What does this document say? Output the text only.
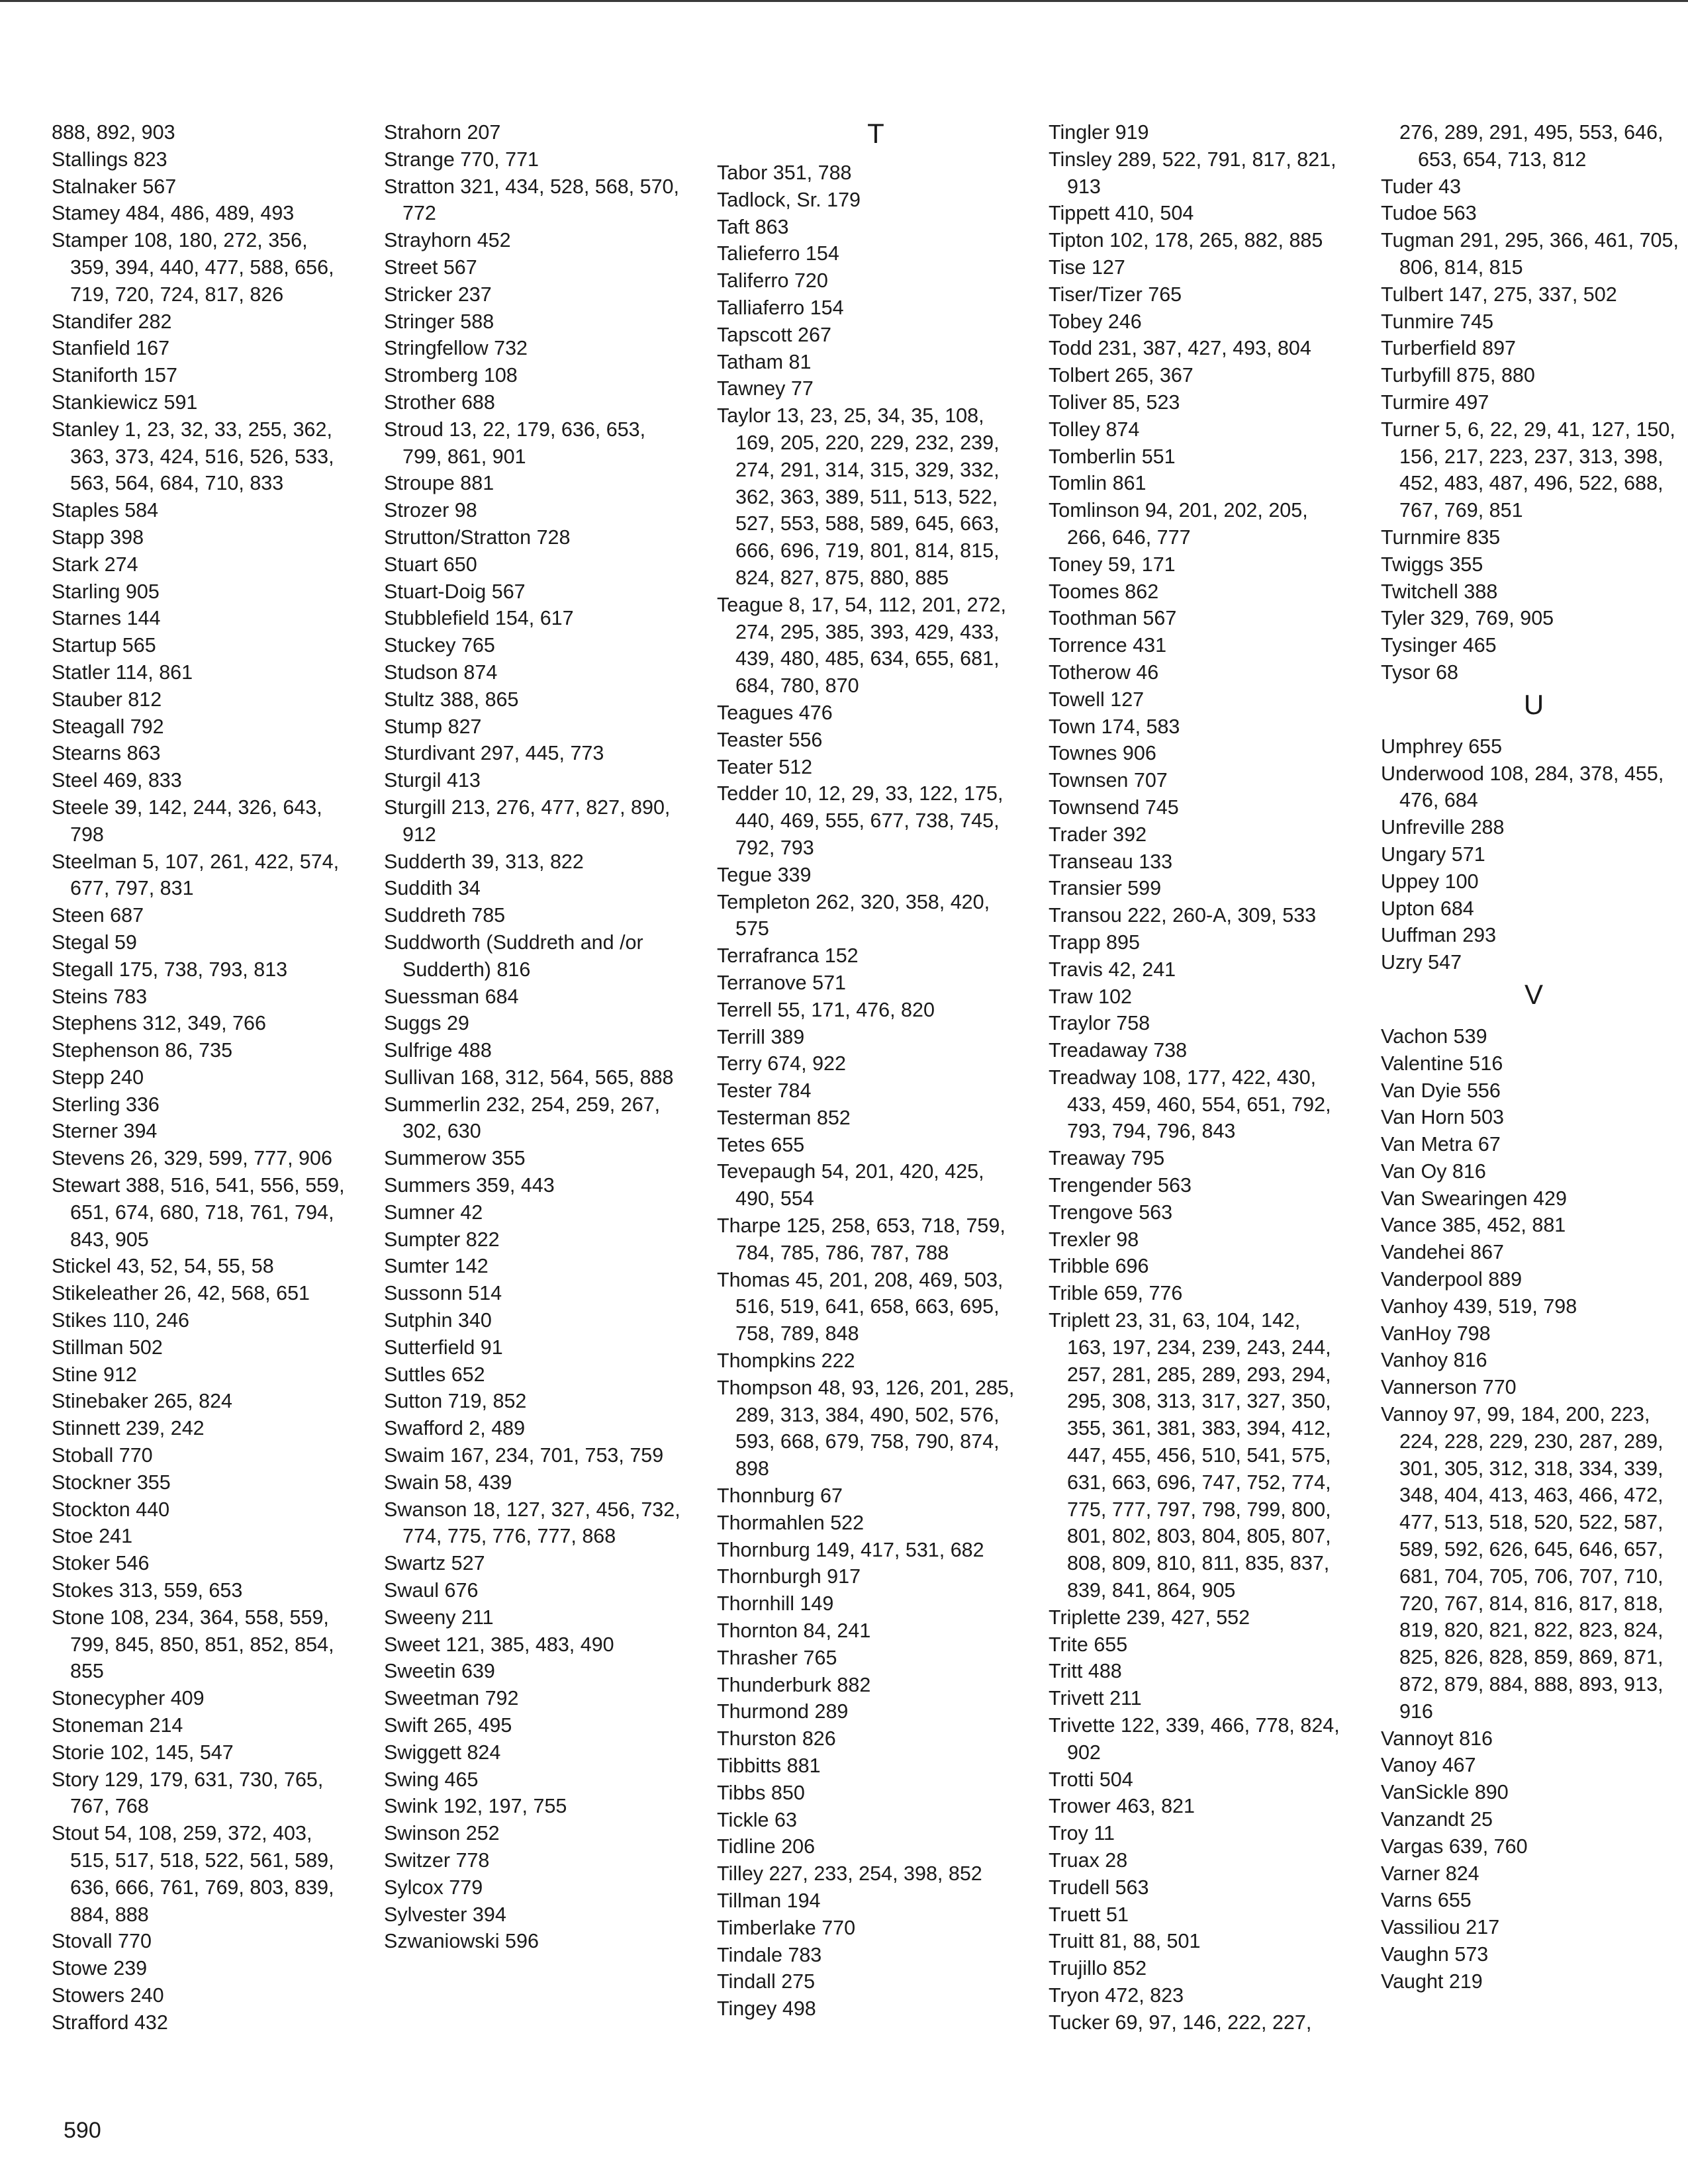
888, 892, 903
Stallings 823
Stalnaker 567
Stamey 484, 486, 489, 493
Stamper 108, 180, 272, 356,
359, 394, 440, 477, 588, 656,
719, 720, 724, 817, 826
Standifer 282
Stanfield 167
Staniforth 157
Stankiewicz 591
Stanley 1, 23, 32, 33, 255, 362,
363, 373, 424, 516, 526, 533,
563, 564, 684, 710, 833
Staples 584
Stapp 398
Stark 274
Starling 905
Starnes 144
Startup 565
Statler 114, 861
Stauber 812
Steagall 792
Stearns 863
Steel 469, 833
Steele 39, 142, 244, 326, 643,
798
Steelman 5, 107, 261, 422, 574,
677, 797, 831
Steen 687
Stegal 59
Stegall 175, 738, 793, 813
Steins 783
Stephens 312, 349, 766
Stephenson 86, 735
Stepp 240
Sterling 336
Sterner 394
Stevens 26, 329, 599, 777, 906
Stewart 388, 516, 541, 556, 559,
651, 674, 680, 718, 761, 794,
843, 905
Stickel 43, 52, 54, 55, 58
Stikeleather 26, 42, 568, 651
Stikes 110, 246
Stillman 502
Stine 912
Stinebaker 265, 824
Stinnett 239, 242
Stoball 770
Stockner 355
Stockton 440
Stoe 241
Stoker 546
Stokes 313, 559, 653
Stone 108, 234, 364, 558, 559,
799, 845, 850, 851, 852, 854,
855
Stonecypher 409
Stoneman 214
Storie 102, 145, 547
Story 129, 179, 631, 730, 765,
767, 768
Stout 54, 108, 259, 372, 403,
515, 517, 518, 522, 561, 589,
636, 666, 761, 769, 803, 839,
884, 888
Stovall 770
Stowe 239
Stowers 240
Strafford 432
Strahorn 207
Strange 770, 771
Stratton 321, 434, 528, 568, 570,
772
Strayhorn 452
Street 567
Stricker 237
Stringer 588
Stringfellow 732
Stromberg 108
Strother 688
Stroud 13, 22, 179, 636, 653,
799, 861, 901
Stroupe 881
Strozer 98
Strutton/Stratton 728
Stuart 650
Stuart-Doig 567
Stubblefield 154, 617
Stuckey 765
Studson 874
Stultz 388, 865
Stump 827
Sturdivant 297, 445, 773
Sturgil 413
Sturgill 213, 276, 477, 827, 890,
912
Sudderth 39, 313, 822
Suddith 34
Suddreth 785
Suddworth (Suddreth and /or
Sudderth) 816
Suessman 684
Suggs 29
Sulfrige 488
Sullivan 168, 312, 564, 565, 888
Summerlin 232, 254, 259, 267,
302, 630
Summerow 355
Summers 359, 443
Sumner 42
Sumpter 822
Sumter 142
Sussonn 514
Sutphin 340
Sutterfield 91
Suttles 652
Sutton 719, 852
Swafford 2, 489
Swaim 167, 234, 701, 753, 759
Swain 58, 439
Swanson 18, 127, 327, 456, 732,
774, 775, 776, 777, 868
Swartz 527
Swaul 676
Sweeny 211
Sweet 121, 385, 483, 490
Sweetin 639
Sweetman 792
Swift 265, 495
Swiggett 824
Swing 465
Swink 192, 197, 755
Swinson 252
Switzer 778
Sylcox 779
Sylvester 394
Szwaniowski 596
T
Tabor 351, 788
Tadlock, Sr. 179
Taft 863
Talieferro 154
Taliferro 720
Talliaferro 154
Tapscott 267
Tatham 81
Tawney 77
Taylor 13, 23, 25, 34, 35, 108,
169, 205, 220, 229, 232, 239,
274, 291, 314, 315, 329, 332,
362, 363, 389, 511, 513, 522,
527, 553, 588, 589, 645, 663,
666, 696, 719, 801, 814, 815,
824, 827, 875, 880, 885
Teague 8, 17, 54, 112, 201, 272,
274, 295, 385, 393, 429, 433,
439, 480, 485, 634, 655, 681,
684, 780, 870
Teagues 476
Teaster 556
Teater 512
Tedder 10, 12, 29, 33, 122, 175,
440, 469, 555, 677, 738, 745,
792, 793
Tegue 339
Templeton 262, 320, 358, 420,
575
Terrafranca 152
Terranove 571
Terrell 55, 171, 476, 820
Terrill 389
Terry 674, 922
Tester 784
Testerman 852
Tetes 655
Tevepaugh 54, 201, 420, 425,
490, 554
Tharpe 125, 258, 653, 718, 759,
784, 785, 786, 787, 788
Thomas 45, 201, 208, 469, 503,
516, 519, 641, 658, 663, 695,
758, 789, 848
Thompkins 222
Thompson 48, 93, 126, 201, 285,
289, 313, 384, 490, 502, 576,
593, 668, 679, 758, 790, 874,
898
Thonnburg 67
Thormahlen 522
Thornburg 149, 417, 531, 682
Thornburgh 917
Thornhill 149
Thornton 84, 241
Thrasher 765
Thunderburk 882
Thurmond 289
Thurston 826
Tibbitts 881
Tibbs 850
Tickle 63
Tidline 206
Tilley 227, 233, 254, 398, 852
Tillman 194
Timberlake 770
Tindale 783
Tindall 275
Tingey 498
Tingler 919
Tinsley 289, 522, 791, 817, 821,
913
Tippett 410, 504
Tipton 102, 178, 265, 882, 885
Tise 127
Tiser/Tizer 765
Tobey 246
Todd 231, 387, 427, 493, 804
Tolbert 265, 367
Toliver 85, 523
Tolley 874
Tomberlin 551
Tomlin 861
Tomlinson 94, 201, 202, 205,
266, 646, 777
Toney 59, 171
Toomes 862
Toothman 567
Torrence 431
Totherow 46
Towell 127
Town 174, 583
Townes 906
Townsen 707
Townsend 745
Trader 392
Transeau 133
Transier 599
Transou 222, 260-A, 309, 533
Trapp 895
Travis 42, 241
Traw 102
Traylor 758
Treadaway 738
Treadway 108, 177, 422, 430,
433, 459, 460, 554, 651, 792,
793, 794, 796, 843
Treaway 795
Trengender 563
Trengove 563
Trexler 98
Tribble 696
Trible 659, 776
Triplett 23, 31, 63, 104, 142,
163, 197, 234, 239, 243, 244,
257, 281, 285, 289, 293, 294,
295, 308, 313, 317, 327, 350,
355, 361, 381, 383, 394, 412,
447, 455, 456, 510, 541, 575,
631, 663, 696, 747, 752, 774,
775, 777, 797, 798, 799, 800,
801, 802, 803, 804, 805, 807,
808, 809, 810, 811, 835, 837,
839, 841, 864, 905
Triplette 239, 427, 552
Trite 655
Tritt 488
Trivett 211
Trivette 122, 339, 466, 778, 824,
902
Trotti 504
Trower 463, 821
Troy 11
Truax 28
Trudell 563
Truett 51
Truitt 81, 88, 501
Trujillo 852
Tryon 472, 823
Tucker 69, 97, 146, 222, 227,
276, 289, 291, 495, 553, 646,
653, 654, 713, 812
Tuder 43
Tudoe 563
Tugman 291, 295, 366, 461, 705,
806, 814, 815
Tulbert 147, 275, 337, 502
Tunmire 745
Turberfield 897
Turbyfill 875, 880
Turmire 497
Turner 5, 6, 22, 29, 41, 127, 150,
156, 217, 223, 237, 313, 398,
452, 483, 487, 496, 522, 688,
767, 769, 851
Turnmire 835
Twiggs 355
Twitchell 388
Tyler 329, 769, 905
Tysinger 465
Tysor 68
U
Umphrey 655
Underwood 108, 284, 378, 455,
476, 684
Unfreville 288
Ungary 571
Uppey 100
Upton 684
Uuffman 293
Uzry 547
V
Vachon 539
Valentine 516
Van Dyie 556
Van Horn 503
Van Metra 67
Van Oy 816
Van Swearingen 429
Vance 385, 452, 881
Vandehei 867
Vanderpool 889
Vanhoy 439, 519, 798
VanHoy 798
Vanhoy 816
Vannerson 770
Vannoy 97, 99, 184, 200, 223,
224, 228, 229, 230, 287, 289,
301, 305, 312, 318, 334, 339,
348, 404, 413, 463, 466, 472,
477, 513, 518, 520, 522, 587,
589, 592, 626, 645, 646, 657,
681, 704, 705, 706, 707, 710,
720, 767, 814, 816, 817, 818,
819, 820, 821, 822, 823, 824,
825, 826, 828, 859, 869, 871,
872, 879, 884, 888, 893, 913,
916
Vannoyt 816
Vanoy 467
VanSickle 890
Vanzandt 25
Vargas 639, 760
Varner 824
Varns 655
Vassiliou 217
Vaughn 573
Vaught 219
590
